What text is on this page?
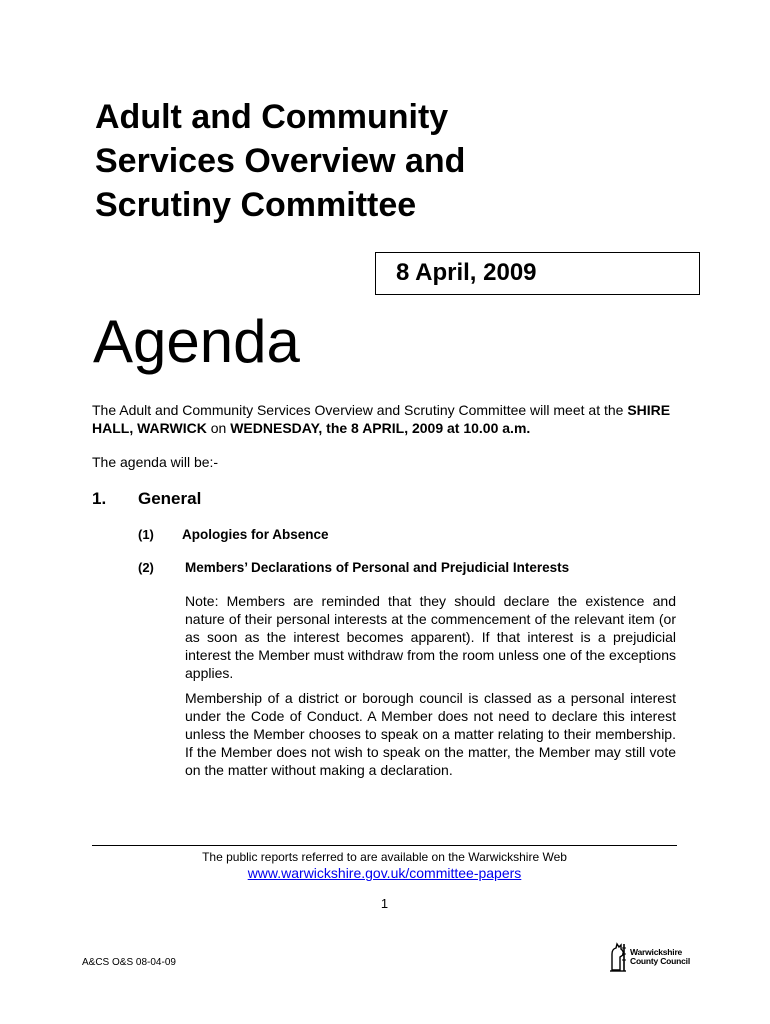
Adult and Community
Services Overview and
Scrutiny Committee
8 April, 2009
Agenda
The Adult and Community Services Overview and Scrutiny Committee will meet at the SHIRE HALL, WARWICK on WEDNESDAY, the 8 APRIL, 2009 at 10.00 a.m.
The agenda will be:-
1. General
(1) Apologies for Absence
(2) Members’ Declarations of Personal and Prejudicial Interests
Note: Members are reminded that they should declare the existence and nature of their personal interests at the commencement of the relevant item (or as soon as the interest becomes apparent). If that interest is a prejudicial interest the Member must withdraw from the room unless one of the exceptions applies.
Membership of a district or borough council is classed as a personal interest under the Code of Conduct. A Member does not need to declare this interest unless the Member chooses to speak on a matter relating to their membership. If the Member does not wish to speak on the matter, the Member may still vote on the matter without making a declaration.
The public reports referred to are available on the Warwickshire Web
www.warwickshire.gov.uk/committee-papers
1
A&CS O&S 08-04-09
Warwickshire
County Council
